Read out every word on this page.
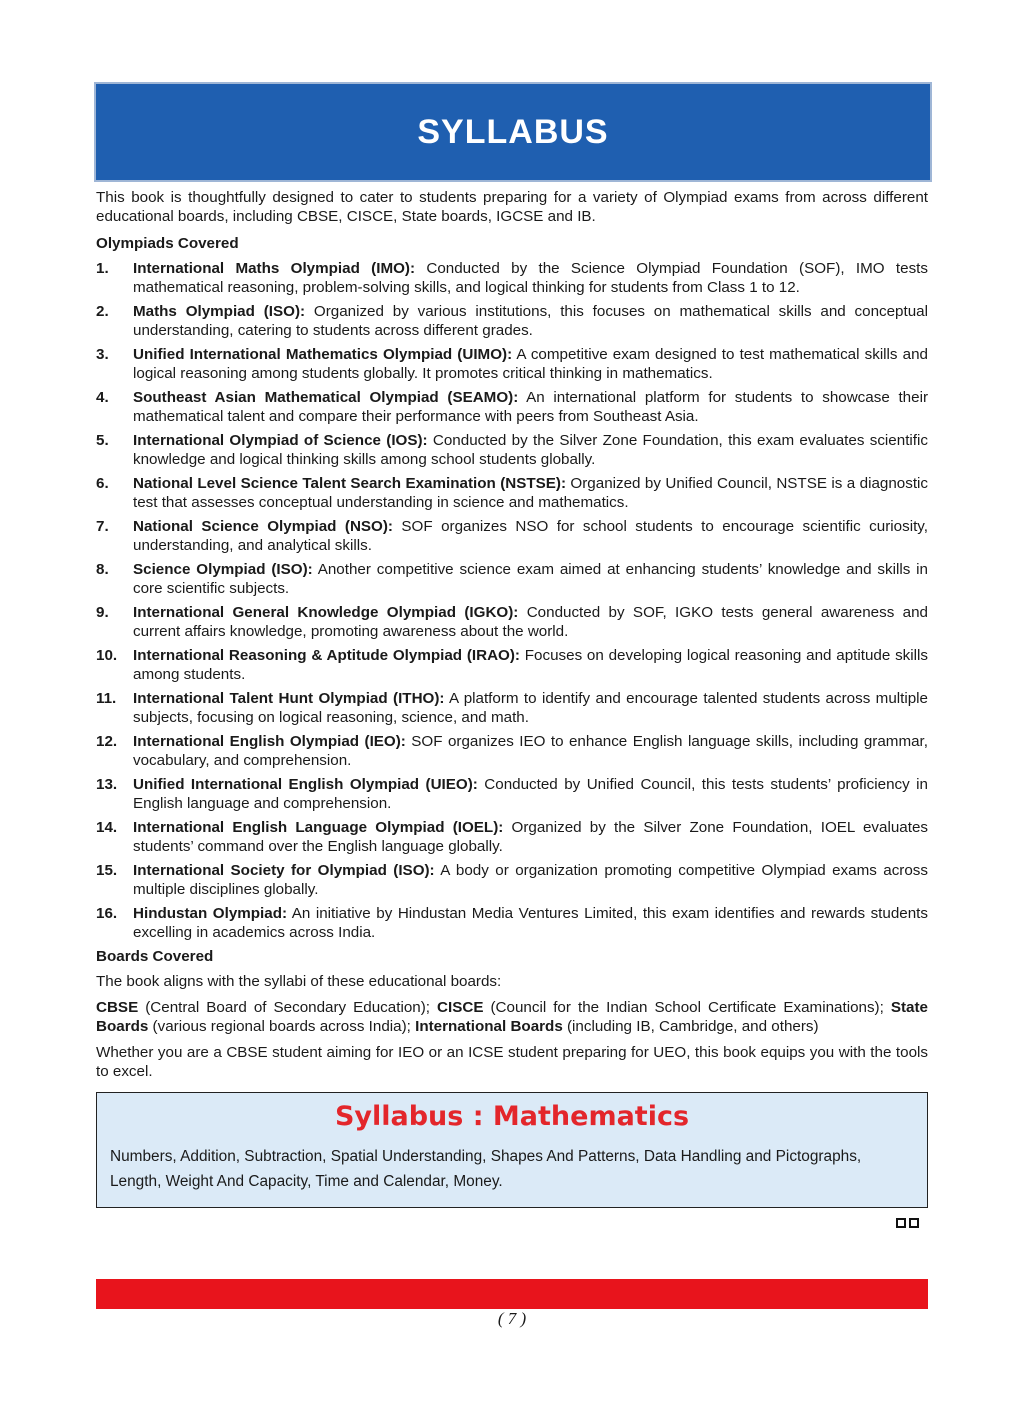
SYLLABUS

This book is thoughtfully designed to cater to students preparing for a variety of Olympiad exams from across different educational boards, including CBSE, CISCE, State boards, IGCSE and IB.

Olympiads Covered
1.	International Maths Olympiad (IMO): Conducted by the Science Olympiad Foundation (SOF), IMO tests mathematical reasoning, problem-solving skills, and logical thinking for students from Class 1 to 12.
2.	Maths Olympiad (ISO): Organized by various institutions, this focuses on mathematical skills and conceptual understanding, catering to students across different grades.
3.	Unified International Mathematics Olympiad (UIMO): A competitive exam designed to test mathematical skills and logical reasoning among students globally. It promotes critical thinking in mathematics.
4.	Southeast Asian Mathematical Olympiad (SEAMO): An international platform for students to showcase their mathematical talent and compare their performance with peers from Southeast Asia.
5.	International Olympiad of Science (IOS): Conducted by the Silver Zone Foundation, this exam evaluates scientific knowledge and logical thinking skills among school students globally.
6.	National Level Science Talent Search Examination (NSTSE): Organized by Unified Council, NSTSE is a diagnostic test that assesses conceptual understanding in science and mathematics.
7.	National Science Olympiad (NSO): SOF organizes NSO for school students to encourage scientific curiosity, understanding, and analytical skills.
8.	Science Olympiad (ISO): Another competitive science exam aimed at enhancing students’ knowledge and skills in core scientific subjects.
9.	International General Knowledge Olympiad (IGKO): Conducted by SOF, IGKO tests general awareness and current affairs knowledge, promoting awareness about the world.
10.	International Reasoning & Aptitude Olympiad (IRAO): Focuses on developing logical reasoning and aptitude skills among students.
11.	International Talent Hunt Olympiad (ITHO): A platform to identify and encourage talented students across multiple subjects, focusing on logical reasoning, science, and math.
12.	International English Olympiad (IEO): SOF organizes IEO to enhance English language skills, including grammar, vocabulary, and comprehension.
13.	Unified International English Olympiad (UIEO): Conducted by Unified Council, this tests students’ proficiency in English language and comprehension.
14.	International English Language Olympiad (IOEL): Organized by the Silver Zone Foundation, IOEL evaluates students’ command over the English language globally.
15.	International Society for Olympiad (ISO): A body or organization promoting competitive Olympiad exams across multiple disciplines globally.
16.	Hindustan Olympiad: An initiative by Hindustan Media Ventures Limited, this exam identifies and rewards students excelling in academics across India.
Boards Covered

The book aligns with the syllabi of these educational boards:

CBSE (Central Board of Secondary Education); CISCE (Council for the Indian School Certificate Examinations); State Boards (various regional boards across India); International Boards (including IB, Cambridge, and others)

Whether you are a CBSE student aiming for IEO or an ICSE student preparing for UEO, this book equips you with the tools to excel.

Syllabus : Mathematics
Numbers, Addition, Subtraction, Spatial Understanding, Shapes And Patterns, Data Handling and Pictographs, Length, Weight And Capacity, Time and Calendar, Money.
( 7 )
